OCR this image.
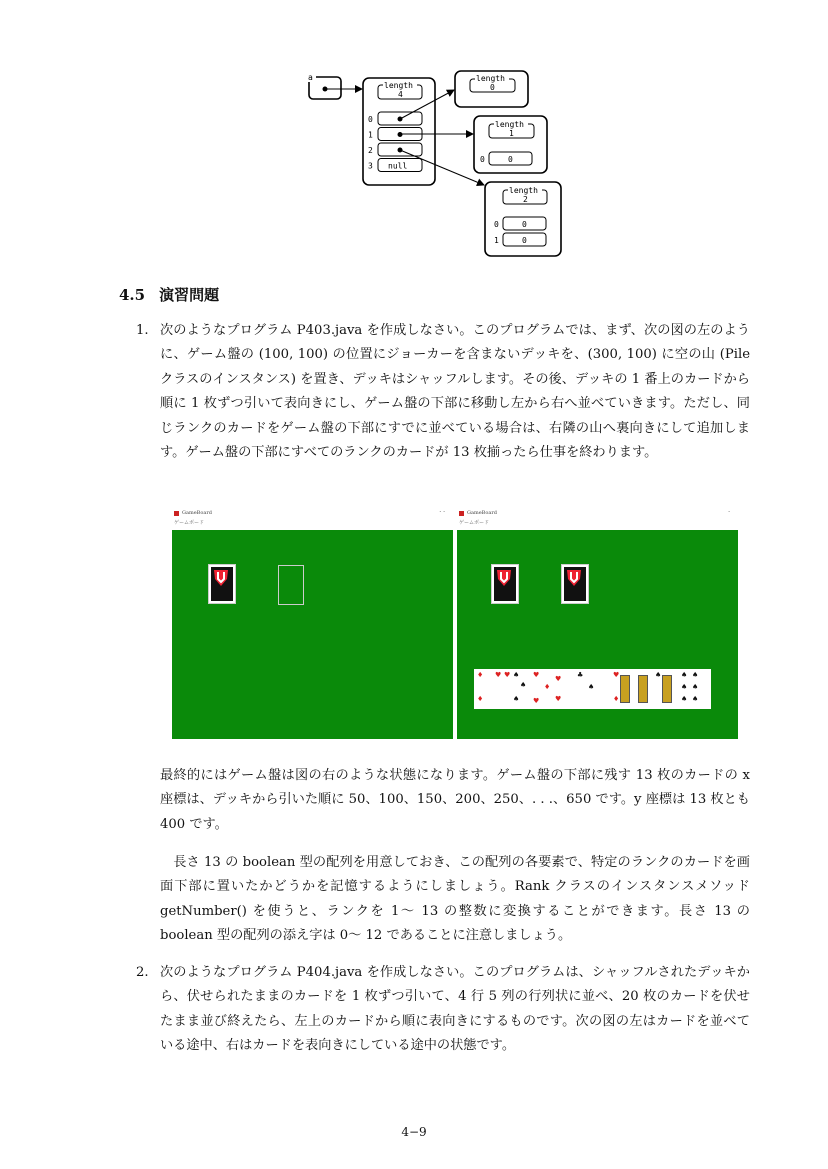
a
length
4
0
1
2
3 null
length
0
length
1
0	0
length
2
0
1
0
0
4.5 演習問題
1. 次のようなプログラム P403.java を作成しなさい。このプログラムでは、まず、次の図の左のように、ゲーム盤の (100, 100) の位置にジョーカーを含まないデッキを、(300, 100) に空の山 (Pile クラスのインスタンス) を置き、デッキはシャッフルします。その後、デッキの 1 番上のカードから順に 1 枚ずつ引いて表向きにし、ゲーム盤の下部に移動し左から右へ並べていきます。ただし、同じランクのカードをゲーム盤の下部にすでに並べている場合は、右隣の山へ裏向きにして追加します。ゲーム盤の下部にすべてのランクのカードが 13 枚揃ったら仕事を終わります。
GameBoard	· ·
ゲームボード
GameBoard	·
ゲームボード
♦
♦
♥ ♥ ♠
♠
♠
♥
♦
♥
♥
♥
♣
♠
♥
♦
♠	♠ ♠
♠ ♠
♠ ♠
最終的にはゲーム盤は図の右のような状態になります。ゲーム盤の下部に残す 13 枚のカードの x 座標は、デッキから引いた順に 50、100、150、200、250、. . .、650 です。y 座標は 13 枚とも 400 です。
長さ 13 の boolean 型の配列を用意しておき、この配列の各要素で、特定のランクのカードを画面下部に置いたかどうかを記憶するようにしましょう。Rank クラスのインスタンスメソッド getNumber() を使うと、ランクを 1～ 13 の整数に変換することができます。長さ 13 の boolean 型の配列の添え字は 0～ 12 であることに注意しましょう。
2. 次のようなプログラム P404.java を作成しなさい。このプログラムは、シャッフルされたデッキから、伏せられたままのカードを 1 枚ずつ引いて、4 行 5 列の行列状に並べ、20 枚のカードを伏せたまま並び終えたら、左上のカードから順に表向きにするものです。次の図の左はカードを並べている途中、右はカードを表向きにしている途中の状態です。
4−9
